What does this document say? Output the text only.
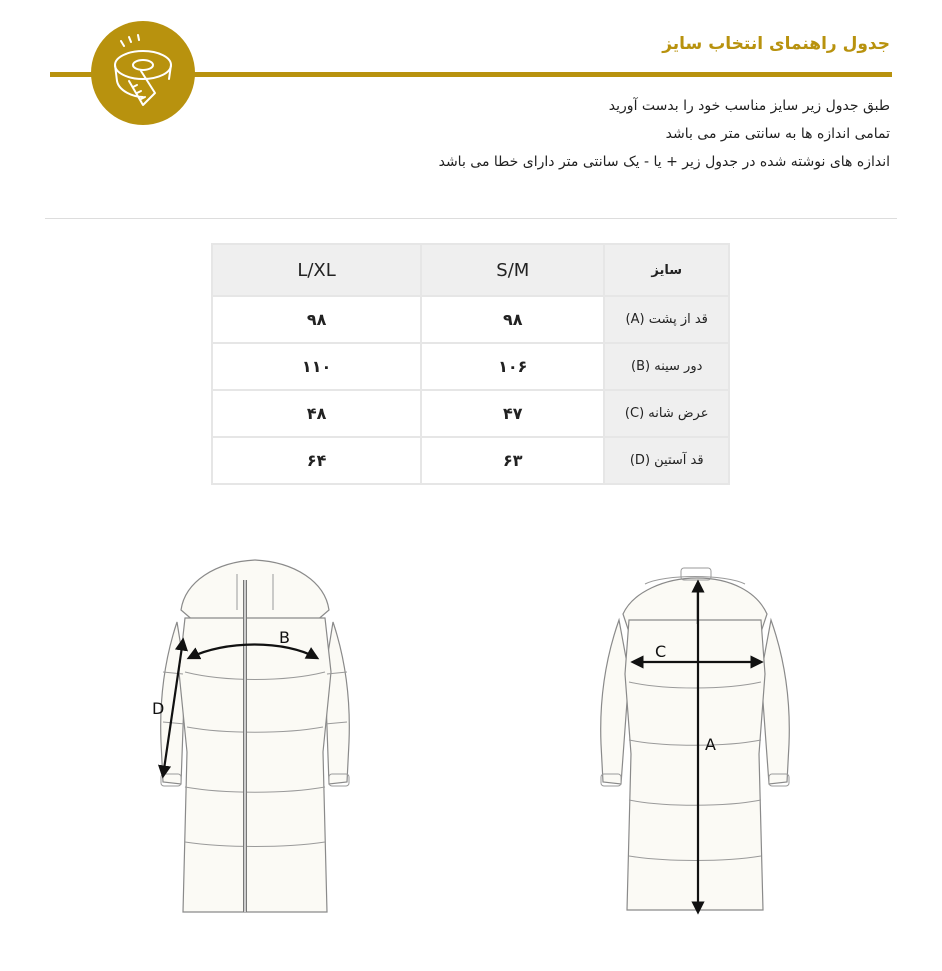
جدول راهنمای انتخاب سایز
طبق جدول زیر سایز مناسب خود را بدست آورید
تمامی اندازه ها به سانتی متر می باشد
اندازه های نوشته شده در جدول زیر + یا - یک سانتی متر دارای خطا می باشد
L/XL	S/M	سایز
۹۸	۹۸	قد از پشت (A)
۱۱۰	۱۰۶	دور سینه (B)
۴۸	۴۷	عرض شانه (C)
۶۴	۶۳	قد آستین (D)
B
D
C
A
